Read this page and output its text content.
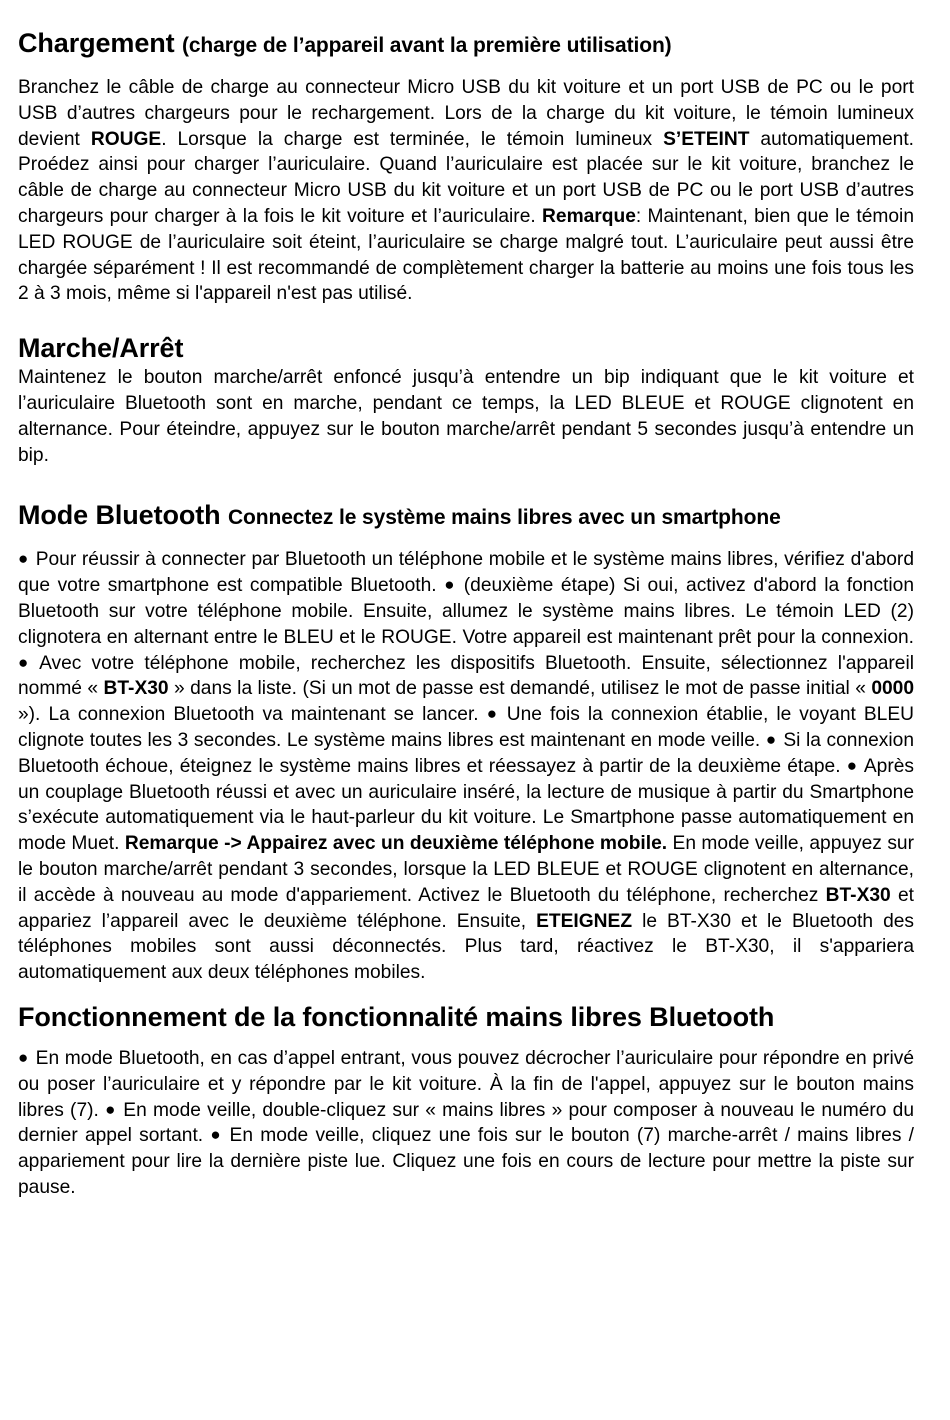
Chargement (charge de l’appareil avant la première utilisation)

Branchez le câble de charge au connecteur Micro USB du kit voiture et un port USB de PC ou le port USB d’autres chargeurs pour le rechargement. Lors de la charge du kit voiture, le témoin lumineux devient ROUGE. Lorsque la charge est terminée, le témoin lumineux S’ETEINT automatiquement. Proédez ainsi pour charger l’auriculaire. Quand l’auriculaire est placée sur le kit voiture, branchez le câble de charge au connecteur Micro USB du kit voiture et un port USB de PC ou le port USB d’autres chargeurs pour charger à la fois le kit voiture et l’auriculaire. Remarque: Maintenant, bien que le témoin LED ROUGE de l’auriculaire soit éteint, l’auriculaire se charge malgré tout. L’auriculaire peut aussi être chargée séparément ! Il est recommandé de complètement charger la batterie au moins une fois tous les 2 à 3 mois, même si l'appareil n'est pas utilisé.

Marche/Arrêt

Maintenez le bouton marche/arrêt enfoncé jusqu’à entendre un bip indiquant que le kit voiture et l’auriculaire Bluetooth sont en marche, pendant ce temps, la LED BLEUE et ROUGE clignotent en alternance. Pour éteindre, appuyez sur le bouton marche/arrêt pendant 5 secondes jusqu’à entendre un bip.

Mode Bluetooth Connectez le système mains libres avec un smartphone

● Pour réussir à connecter par Bluetooth un téléphone mobile et le système mains libres, vérifiez d'abord que votre smartphone est compatible Bluetooth. ● (deuxième étape) Si oui, activez d'abord la fonction Bluetooth sur votre téléphone mobile. Ensuite, allumez le système mains libres. Le témoin LED (2) clignotera en alternant entre le BLEU et le ROUGE. Votre appareil est maintenant prêt pour la connexion. ● Avec votre téléphone mobile, recherchez les dispositifs Bluetooth. Ensuite, sélectionnez l'appareil nommé « BT-X30 » dans la liste. (Si un mot de passe est demandé, utilisez le mot de passe initial « 0000 »). La connexion Bluetooth va maintenant se lancer. ● Une fois la connexion établie, le voyant BLEU clignote toutes les 3 secondes. Le système mains libres est maintenant en mode veille. ● Si la connexion Bluetooth échoue, éteignez le système mains libres et réessayez à partir de la deuxième étape. ● Après un couplage Bluetooth réussi et avec un auriculaire inséré, la lecture de musique à partir du Smartphone s’exécute automatiquement via le haut-parleur du kit voiture. Le Smartphone passe automatiquement en mode Muet. Remarque -> Appairez avec un deuxième téléphone mobile. En mode veille, appuyez sur le bouton marche/arrêt pendant 3 secondes, lorsque la LED BLEUE et ROUGE clignotent en alternance, il accède à nouveau au mode d'appariement. Activez le Bluetooth du téléphone, recherchez BT-X30 et appariez l’appareil avec le deuxième téléphone. Ensuite, ETEIGNEZ le BT-X30 et le Bluetooth des téléphones mobiles sont aussi déconnectés. Plus tard, réactivez le BT-X30, il s'appariera automatiquement aux deux téléphones mobiles.

Fonctionnement de la fonctionnalité mains libres Bluetooth

● En mode Bluetooth, en cas d’appel entrant, vous pouvez décrocher l’auriculaire pour répondre en privé ou poser l’auriculaire et y répondre par le kit voiture. À la fin de l'appel, appuyez sur le bouton mains libres (7). ● En mode veille, double-cliquez sur « mains libres » pour composer à nouveau le numéro du dernier appel sortant. ● En mode veille, cliquez une fois sur le bouton (7) marche-arrêt / mains libres / appariement pour lire la dernière piste lue. Cliquez une fois en cours de lecture pour mettre la piste sur pause.
